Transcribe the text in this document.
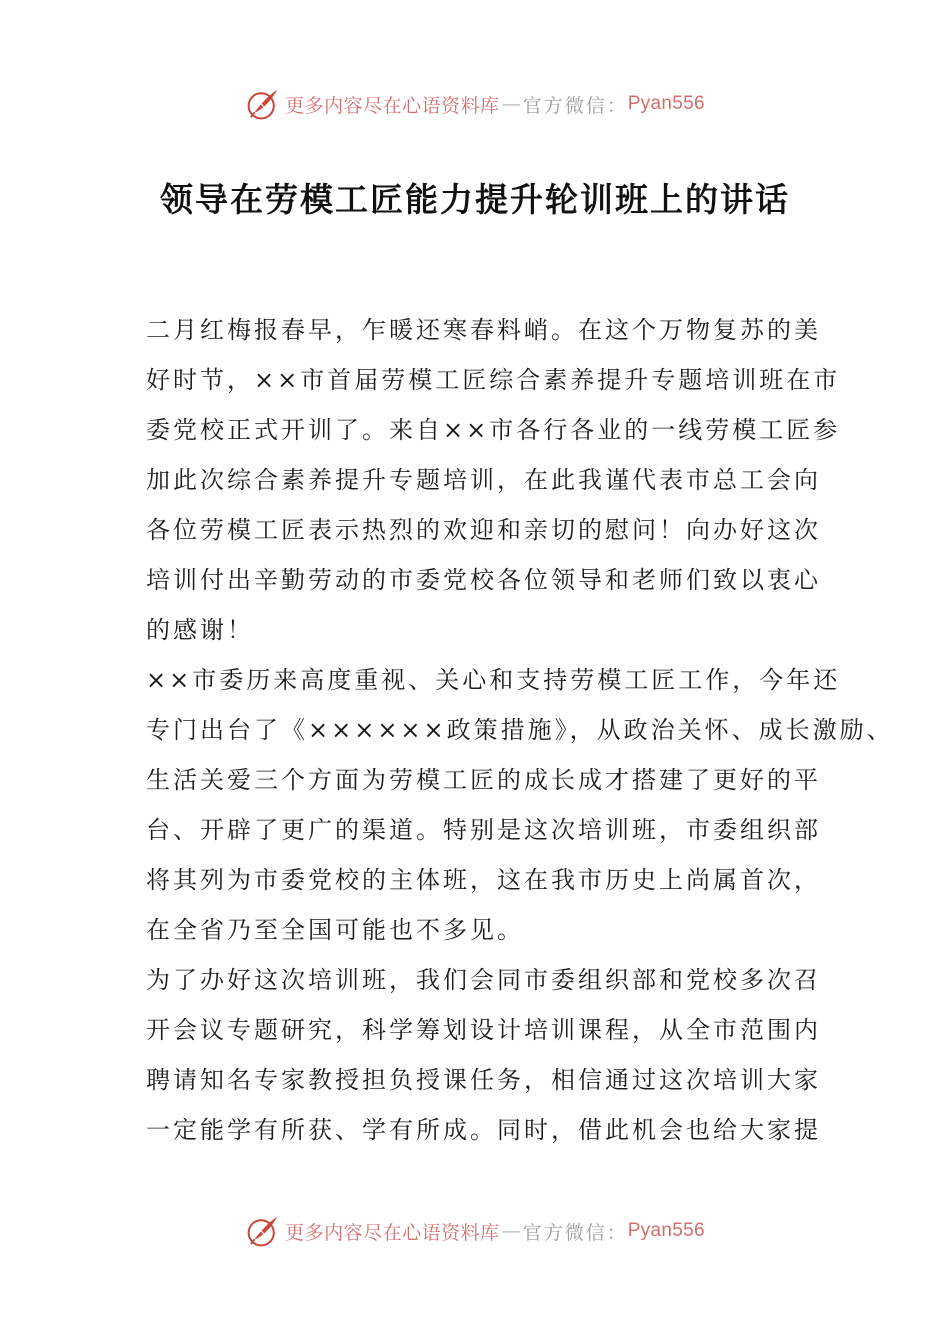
更多内容尽在心语资料库 — 官方微信： Pyan556
领导在劳模工匠能力提升轮训班上的讲话
二月红梅报春早，乍暖还寒春料峭。在这个万物复苏的美
好时节，××市首届劳模工匠综合素养提升专题培训班在市
委党校正式开训了。来自××市各行各业的一线劳模工匠参
加此次综合素养提升专题培训，在此我谨代表市总工会向
各位劳模工匠表示热烈的欢迎和亲切的慰问！向办好这次
培训付出辛勤劳动的市委党校各位领导和老师们致以衷心
的感谢！
××市委历来高度重视、关心和支持劳模工匠工作，今年还
专门出台了《××××××政策措施》，从政治关怀、成长激励、
生活关爱三个方面为劳模工匠的成长成才搭建了更好的平
台、开辟了更广的渠道。特别是这次培训班，市委组织部
将其列为市委党校的主体班，这在我市历史上尚属首次，
在全省乃至全国可能也不多见。
为了办好这次培训班，我们会同市委组织部和党校多次召
开会议专题研究，科学筹划设计培训课程，从全市范围内
聘请知名专家教授担负授课任务，相信通过这次培训大家
一定能学有所获、学有所成。同时，借此机会也给大家提
更多内容尽在心语资料库 — 官方微信： Pyan556
